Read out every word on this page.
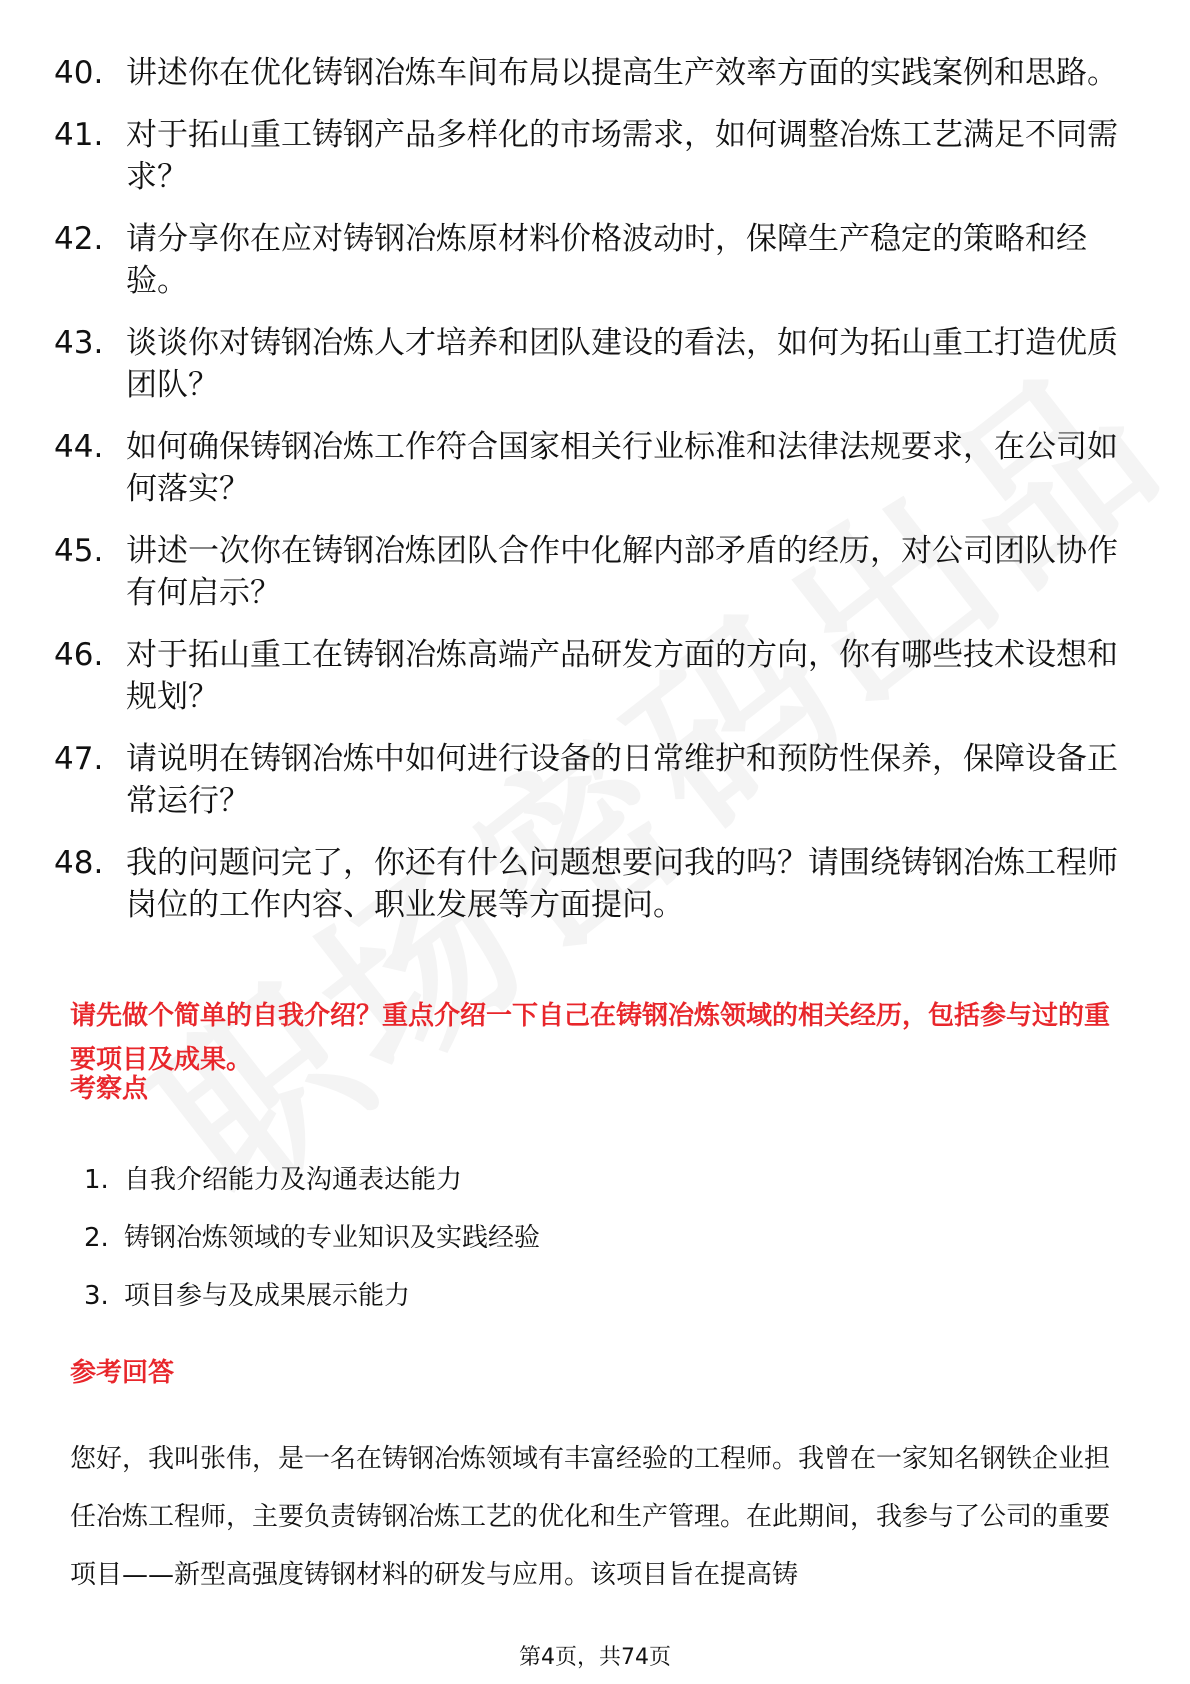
40. 讲述你在优化铸钢冶炼车间布局以提高生产效率方面的实践案例和思路。
41. 对于拓山重工铸钢产品多样化的市场需求，如何调整冶炼工艺满足不同需求？
42. 请分享你在应对铸钢冶炼原材料价格波动时，保障生产稳定的策略和经验。
43. 谈谈你对铸钢冶炼人才培养和团队建设的看法，如何为拓山重工打造优质团队？
44. 如何确保铸钢冶炼工作符合国家相关行业标准和法律法规要求，在公司如何落实？
45. 讲述一次你在铸钢冶炼团队合作中化解内部矛盾的经历，对公司团队协作有何启示？
46. 对于拓山重工在铸钢冶炼高端产品研发方面的方向，你有哪些技术设想和规划？
47. 请说明在铸钢冶炼中如何进行设备的日常维护和预防性保养，保障设备正常运行？
48. 我的问题问完了，你还有什么问题想要问我的吗？请围绕铸钢冶炼工程师岗位的工作内容、职业发展等方面提问。
请先做个简单的自我介绍？重点介绍一下自己在铸钢冶炼领域的相关经历，包括参与过的重要项目及成果。
考察点
1. 自我介绍能力及沟通表达能力
2. 铸钢冶炼领域的专业知识及实践经验
3. 项目参与及成果展示能力
参考回答
您好，我叫张伟，是一名在铸钢冶炼领域有丰富经验的工程师。我曾在一家知名钢铁企业担任冶炼工程师，主要负责铸钢冶炼工艺的优化和生产管理。在此期间，我参与了公司的重要项目——新型高强度铸钢材料的研发与应用。该项目旨在提高铸
第4页，共74页
